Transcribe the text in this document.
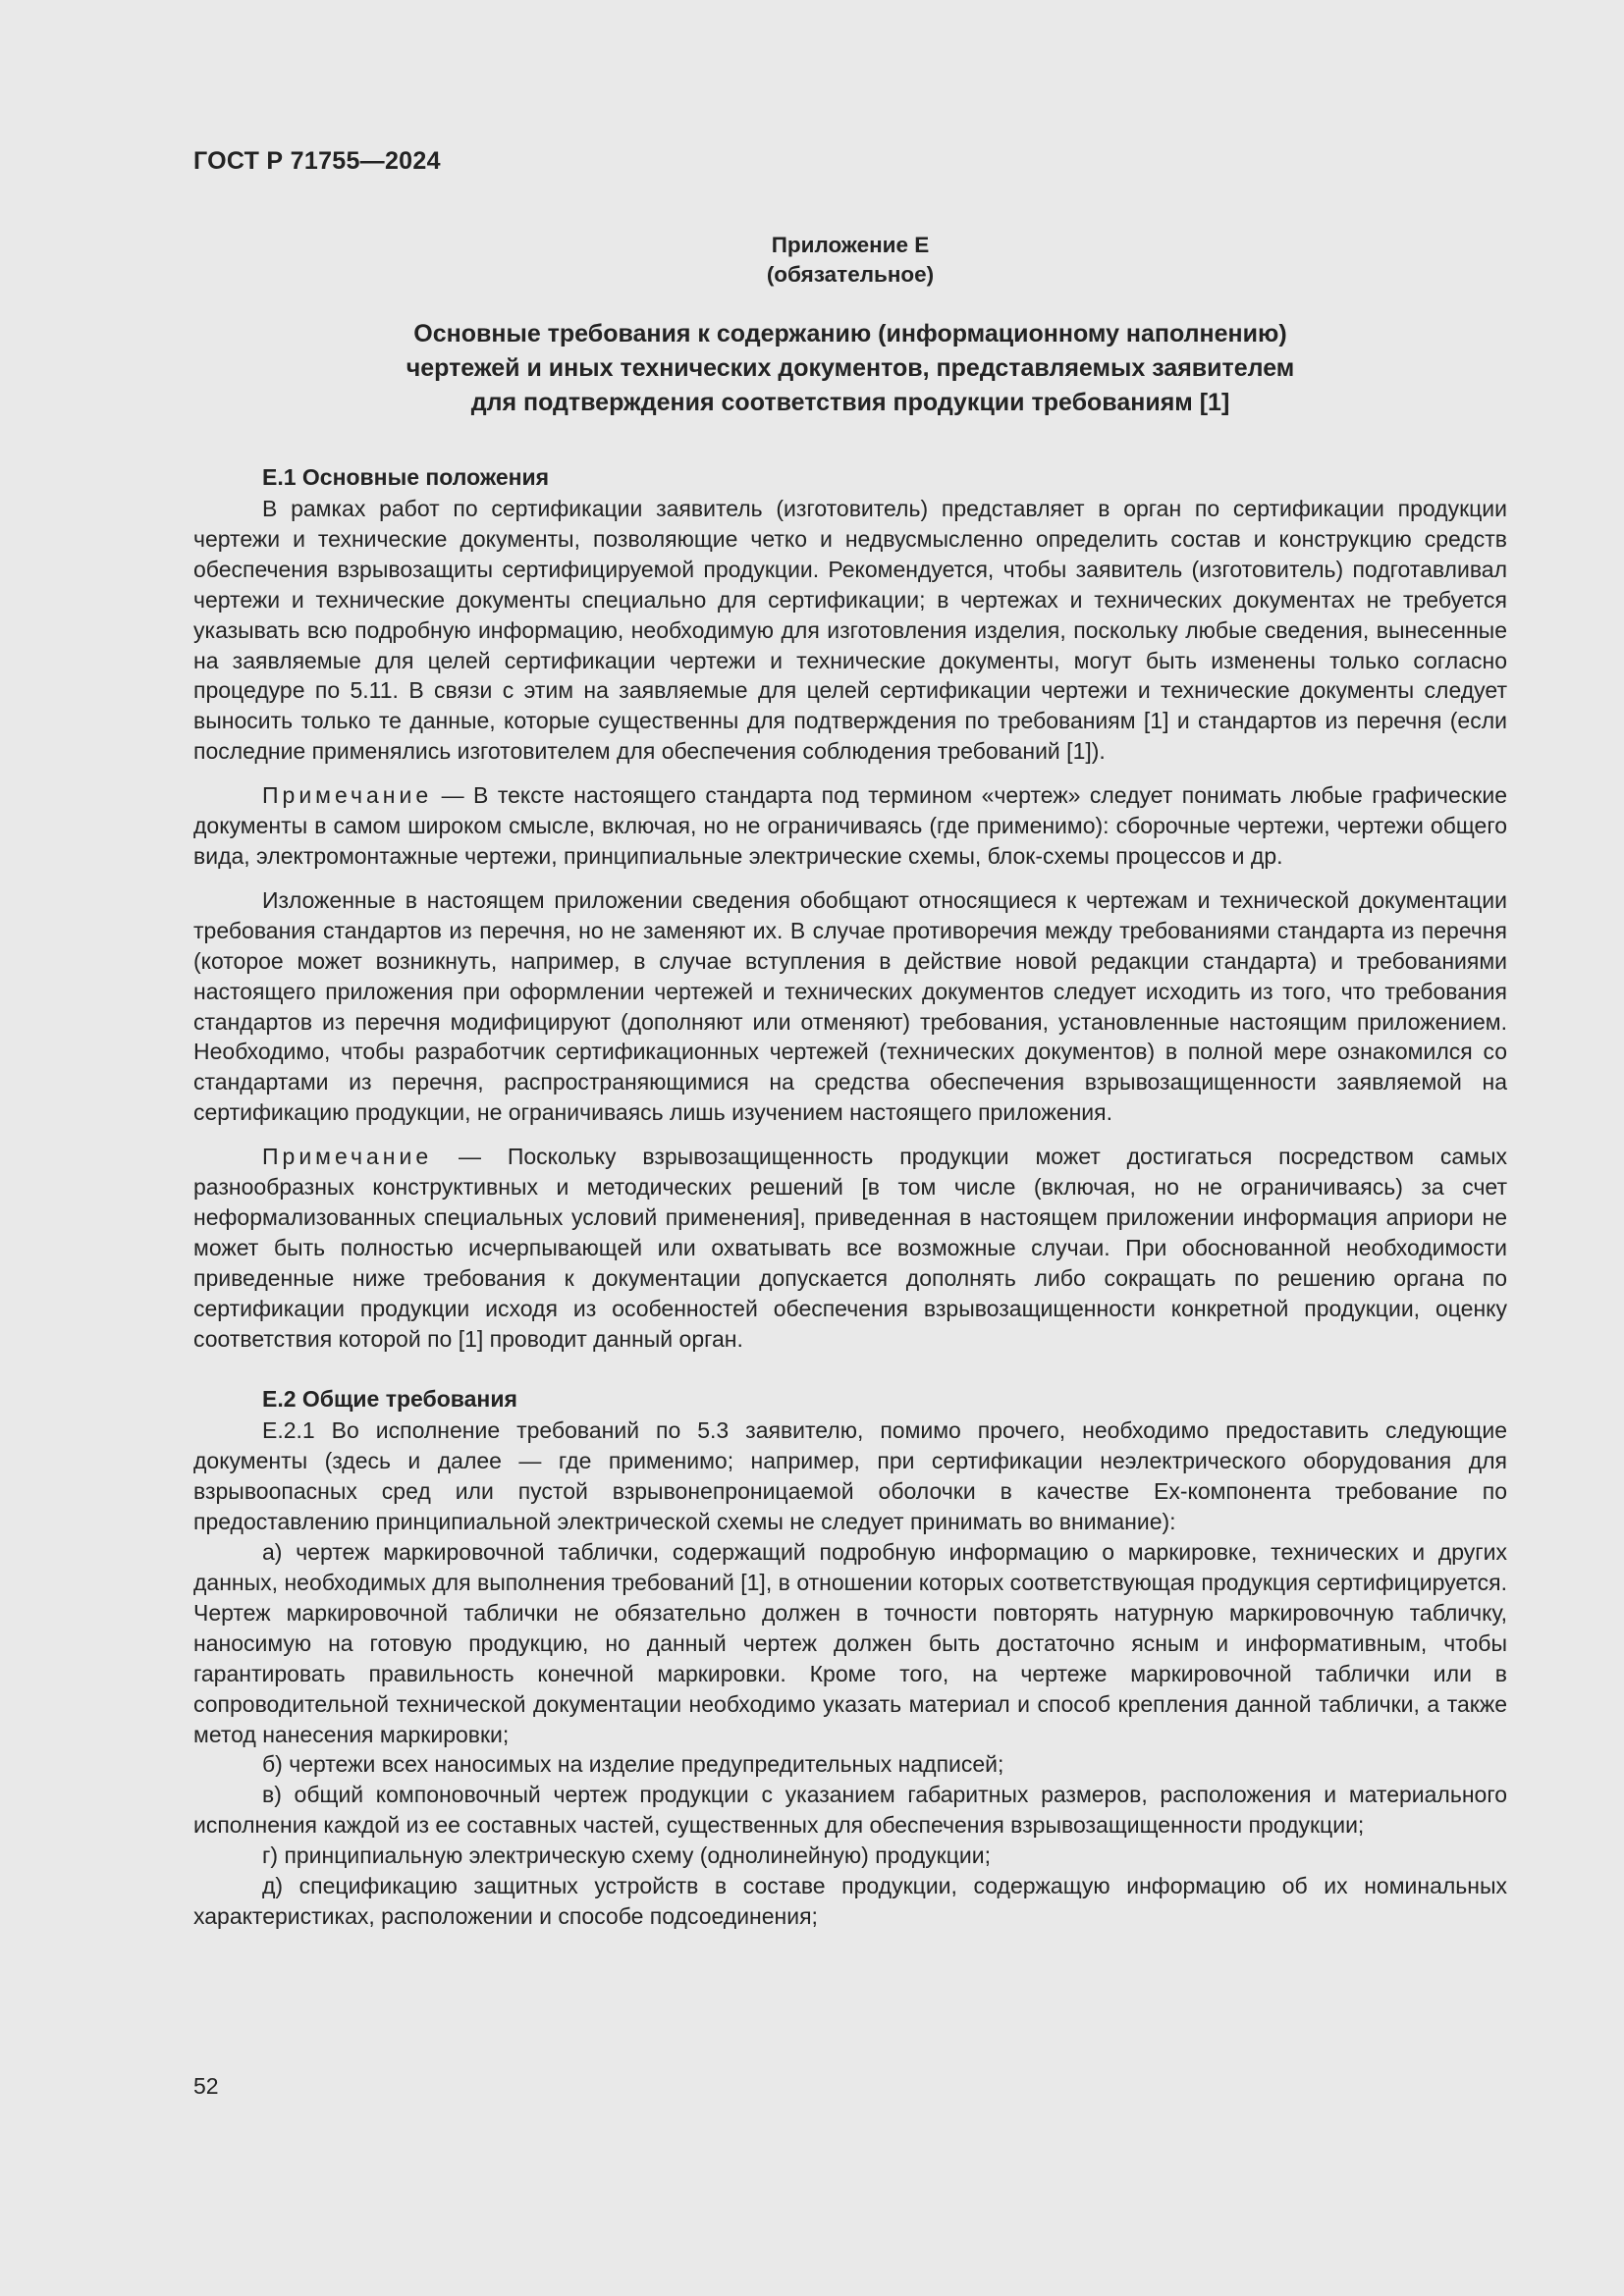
ГОСТ Р 71755—2024
Приложение Е
(обязательное)
Основные требования к содержанию (информационному наполнению)
чертежей и иных технических документов, представляемых заявителем
для подтверждения соответствия продукции требованиям [1]
Е.1 Основные положения

В рамках работ по сертификации заявитель (изготовитель) представляет в орган по сертификации продукции чертежи и технические документы, позволяющие четко и недвусмысленно определить состав и конструкцию средств обеспечения взрывозащиты сертифицируемой продукции. Рекомендуется, чтобы заявитель (изготовитель) подготавливал чертежи и технические документы специально для сертификации; в чертежах и технических документах не требуется указывать всю подробную информацию, необходимую для изготовления изделия, поскольку любые сведения, вынесенные на заявляемые для целей сертификации чертежи и технические документы, могут быть изменены только согласно процедуре по 5.11. В связи с этим на заявляемые для целей сертификации чертежи и технические документы следует выносить только те данные, которые существенны для подтверждения по требованиям [1] и стандартов из перечня (если последние применялись изготовителем для обеспечения соблюдения требований [1]).

Примечание — В тексте настоящего стандарта под термином «чертеж» следует понимать любые графические документы в самом широком смысле, включая, но не ограничиваясь (где применимо): сборочные чертежи, чертежи общего вида, электромонтажные чертежи, принципиальные электрические схемы, блок-схемы процессов и др.

Изложенные в настоящем приложении сведения обобщают относящиеся к чертежам и технической документации требования стандартов из перечня, но не заменяют их. В случае противоречия между требованиями стандарта из перечня (которое может возникнуть, например, в случае вступления в действие новой редакции стандарта) и требованиями настоящего приложения при оформлении чертежей и технических документов следует исходить из того, что требования стандартов из перечня модифицируют (дополняют или отменяют) требования, установленные настоящим приложением. Необходимо, чтобы разработчик сертификационных чертежей (технических документов) в полной мере ознакомился со стандартами из перечня, распространяющимися на средства обеспечения взрывозащищенности заявляемой на сертификацию продукции, не ограничиваясь лишь изучением настоящего приложения.

Примечание — Поскольку взрывозащищенность продукции может достигаться посредством самых разнообразных конструктивных и методических решений [в том числе (включая, но не ограничиваясь) за счет неформализованных специальных условий применения], приведенная в настоящем приложении информация априори не может быть полностью исчерпывающей или охватывать все возможные случаи. При обоснованной необходимости приведенные ниже требования к документации допускается дополнять либо сокращать по решению органа по сертификации продукции исходя из особенностей обеспечения взрывозащищенности конкретной продукции, оценку соответствия которой по [1] проводит данный орган.

Е.2 Общие требования

Е.2.1 Во исполнение требований по 5.3 заявителю, помимо прочего, необходимо предоставить следующие документы (здесь и далее — где применимо; например, при сертификации неэлектрического оборудования для взрывоопасных сред или пустой взрывонепроницаемой оболочки в качестве Ех-компонента требование по предоставлению принципиальной электрической схемы не следует принимать во внимание):

а) чертеж маркировочной таблички, содержащий подробную информацию о маркировке, технических и других данных, необходимых для выполнения требований [1], в отношении которых соответствующая продукция сертифицируется. Чертеж маркировочной таблички не обязательно должен в точности повторять натурную маркировочную табличку, наносимую на готовую продукцию, но данный чертеж должен быть достаточно ясным и информативным, чтобы гарантировать правильность конечной маркировки. Кроме того, на чертеже маркировочной таблички или в сопроводительной технической документации необходимо указать материал и способ крепления данной таблички, а также метод нанесения маркировки;

б) чертежи всех наносимых на изделие предупредительных надписей;

в) общий компоновочный чертеж продукции с указанием габаритных размеров, расположения и материального исполнения каждой из ее составных частей, существенных для обеспечения взрывозащищенности продукции;

г) принципиальную электрическую схему (однолинейную) продукции;

д) спецификацию защитных устройств в составе продукции, содержащую информацию об их номинальных характеристиках, расположении и способе подсоединения;

52
